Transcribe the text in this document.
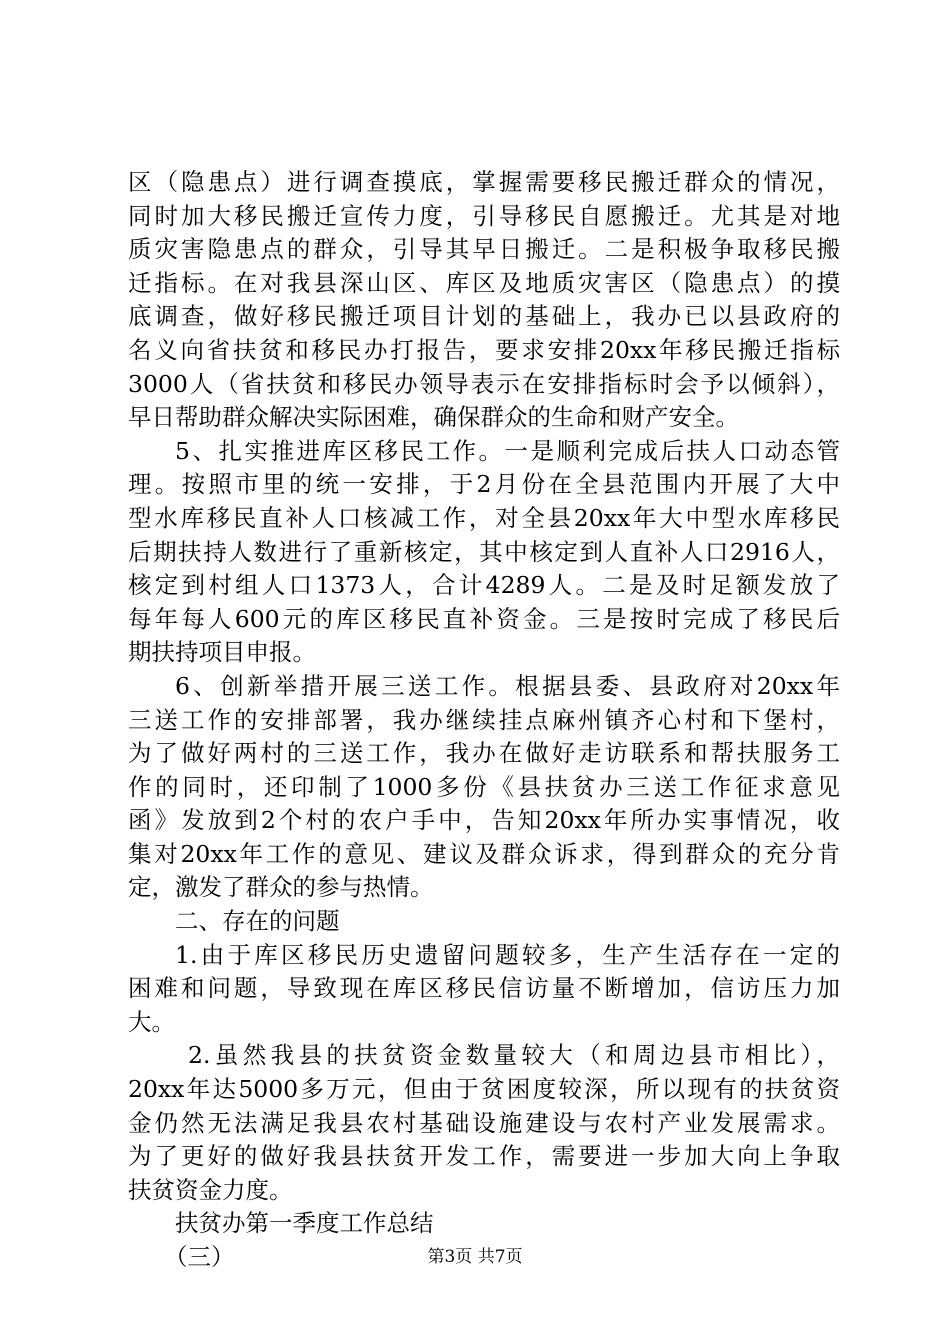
区（隐患点）进行调查摸底，掌握需要移民搬迁群众的情况，
同时加大移民搬迁宣传力度，引导移民自愿搬迁。尤其是对地
质灾害隐患点的群众，引导其早日搬迁。二是积极争取移民搬
迁指标。在对我县深山区、库区及地质灾害区（隐患点）的摸
底调查，做好移民搬迁项目计划的基础上，我办已以县政府的
名义向省扶贫和移民办打报告，要求安排20xx年移民搬迁指标
3000人（省扶贫和移民办领导表示在安排指标时会予以倾斜），
早日帮助群众解决实际困难，确保群众的生命和财产安全。
5、扎实推进库区移民工作。一是顺利完成后扶人口动态管
理。按照市里的统一安排，于2月份在全县范围内开展了大中
型水库移民直补人口核减工作，对全县20xx年大中型水库移民
后期扶持人数进行了重新核定，其中核定到人直补人口2916人，
核定到村组人口1373人，合计4289人。二是及时足额发放了
每年每人600元的库区移民直补资金。三是按时完成了移民后
期扶持项目申报。
6、创新举措开展三送工作。根据县委、县政府对20xx年
三送工作的安排部署，我办继续挂点麻州镇齐心村和下堡村，
为了做好两村的三送工作，我办在做好走访联系和帮扶服务工
作的同时，还印制了1000多份《县扶贫办三送工作征求意见
函》发放到2个村的农户手中，告知20xx年所办实事情况，收
集对20xx年工作的意见、建议及群众诉求，得到群众的充分肯
定，激发了群众的参与热情。
二、存在的问题
1.由于库区移民历史遗留问题较多，生产生活存在一定的
困难和问题，导致现在库区移民信访量不断增加，信访压力加
大。
2.虽然我县的扶贫资金数量较大（和周边县市相比），
20xx年达5000多万元，但由于贫困度较深，所以现有的扶贫资
金仍然无法满足我县农村基础设施建设与农村产业发展需求。
为了更好的做好我县扶贫开发工作，需要进一步加大向上争取
扶贫资金力度。
扶贫办第一季度工作总结
（三）	第3页 共7页
